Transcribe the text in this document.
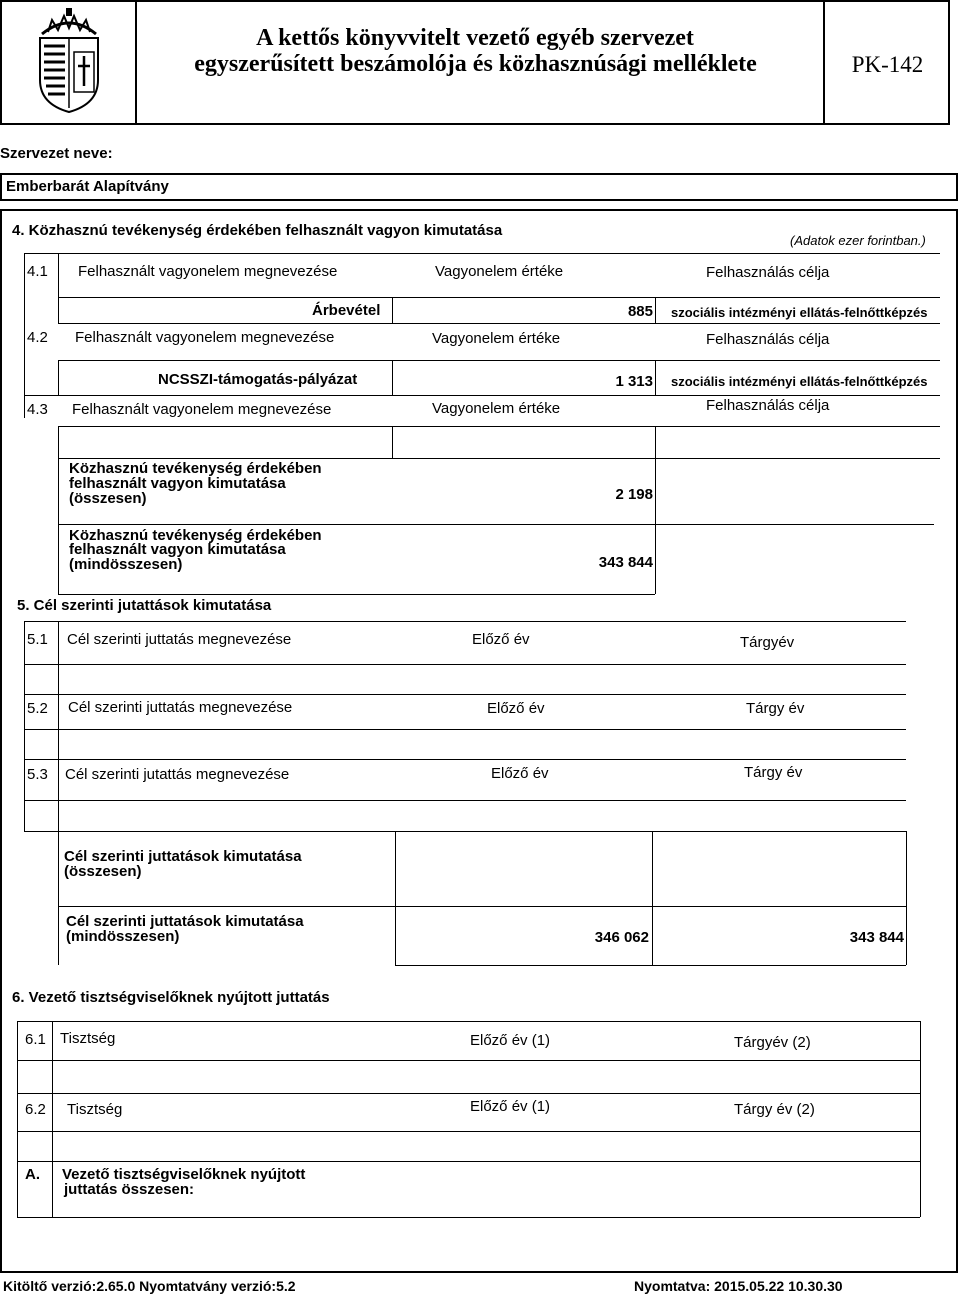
A kettős könyvvitelt vezető egyéb szervezet
egyszerűsített beszámolója és közhasznúsági melléklete	PK-142
Szervezet neve:
Emberbarát Alapítvány
4. Közhasznú tevékenység érdekében felhasznált vagyon kimutatása
(Adatok ezer forintban.)
4.1 Felhasznált vagyonelem megnevezése	Vagyonelem értéke	Felhasználás célja
Árbevétel	885 szociális intézményi ellátás-felnőttképzés
4.2 Felhasznált vagyonelem megnevezése	Vagyonelem értéke	Felhasználás célja
NCSSZI-támogatás-pályázat	1 313 szociális intézményi ellátás-felnőttképzés
4.3 Felhasznált vagyonelem megnevezése	Vagyonelem értéke	Felhasználás célja
Közhasznú tevékenység érdekében
felhasznált vagyon kimutatása
(összesen)	2 198
Közhasznú tevékenység érdekében
felhasznált vagyon kimutatása
(mindösszesen)	343 844
5. Cél szerinti jutattások kimutatása
5.1 Cél szerinti juttatás megnevezése	Előző év	Tárgyév
5.2 Cél szerinti juttatás megnevezése	Előző év	Tárgy év
5.3 Cél szerinti jutattás megnevezése	Előző év	Tárgy év
Cél szerinti juttatások kimutatása
(összesen)
Cél szerinti juttatások kimutatása
(mindösszesen)	346 062	343 844
6. Vezető tisztségviselőknek nyújtott juttatás
6.1 Tisztség	Előző év (1)	Tárgyév (2)
6.2 Tisztség	Előző év (1)	Tárgy év (2)
A. Vezető tisztségviselőknek nyújtott
juttatás összesen:
Kitöltő verzió:2.65.0 Nyomtatvány verzió:5.2	Nyomtatva: 2015.05.22 10.30.30
